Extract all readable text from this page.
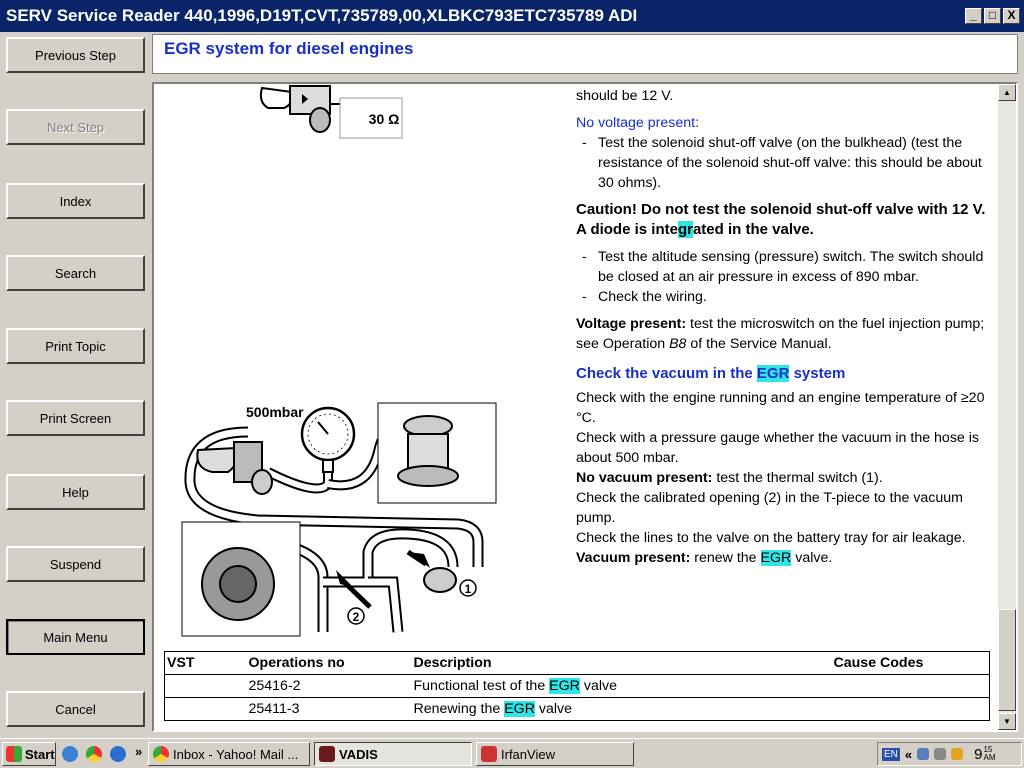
SERV Service Reader 440,1996,D19T,CVT,735789,00,XLBKC793ETC735789 ADI	_	□ X
Previous Step
Next Step
Index
Search
Print Topic
Print Screen
Help
Suspend
Main Menu
Cancel
EGR system for diesel engines
30 Ω
500mbar
1
2

should be 12 V.

No voltage present:

- Test the solenoid shut-off valve (on the bulkhead) (test the resistance of the solenoid shut-off valve: this should be about 30 ohms).

Caution! Do not test the solenoid shut-off valve with 12 V. A diode is integrated in the valve.

- Test the altitude sensing (pressure) switch. The switch should be closed at an air pressure in excess of 890 mbar.

- Check the wiring.

Voltage present: test the microswitch on the fuel injection pump; see Operation B8 of the Service Manual.

Check the vacuum in the EGR system

Check with the engine running and an engine temperature of ≥20 °C.

Check with a pressure gauge whether the vacuum in the hose is about 500 mbar.

No vacuum present: test the thermal switch (1).

Check the calibrated opening (2) in the T-piece to the vacuum pump.

Check the lines to the valve on the battery tray for air leakage.

Vacuum present: renew the EGR valve.

VST	Operations no	Description	Cause Codes
	25416-2	Functional test of the EGR valve	
	25411-3	Renewing the EGR valve	
▲
▼
Start	» Inbox - Yahoo! Mail ...	VADIS	IrfanView	EN «	9 15
AM
